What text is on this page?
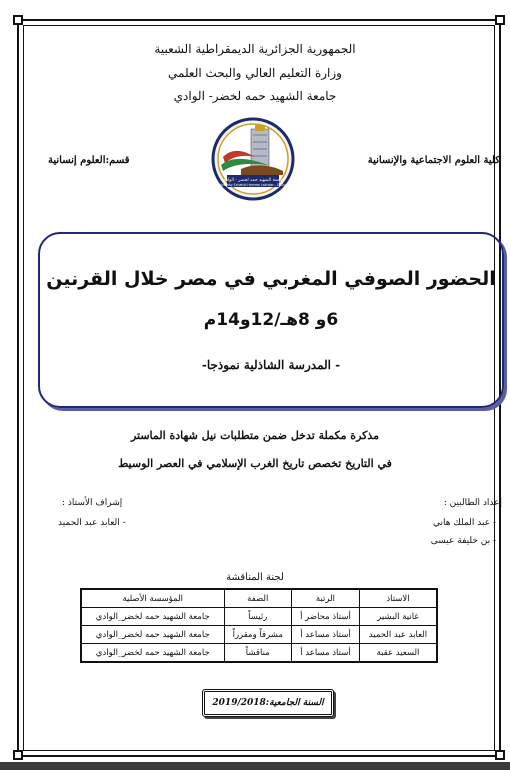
الجمهورية الجزائرية الديمقراطية الشعبية
وزارة التعليم العالي والبحث العلمي
جامعة الشهيد حمه لخضر- الوادي
كلية العلوم الاجتماعية والإنسانية
قسم:العلوم إنسانية
جامعة الشهيد حمه لخضر - الوادي
University Echahid Hamma Lakhdar - El Oued
الحضور الصوفي المغربي في مصر خلال القرنين
6و 8هـ/12و14م
- المدرسة الشاذلية نموذجا-
مذكرة مكملة تدخل ضمن متطلبات نيل شهادة الماستر
في التاريخ تخصص تاريخ الغرب الإسلامي في العصر الوسيط
إعداد الطالبين :
- عبد الملك هاني
- بن خليفة عيسى
إشراف الأستاذ :
- العابد عبد الحميد
لجنة المناقشة
الاستاذ	الرتبة	الصفة	المؤسسة الأصلية
غانية البشير	أستاذ محاضر أ	رئيساً	جامعة الشهيد حمه لخضر_الوادي
العابد عبد الحميد	أستاذ مساعد أ	مشرفاً ومقرراً	جامعة الشهيد حمه لخضر_الوادي
السعيد عقبة	أستاذ مساعد أ	مناقشاً	جامعة الشهيد حمه لخضر_الوادي
السنة الجامعية:2019/2018
